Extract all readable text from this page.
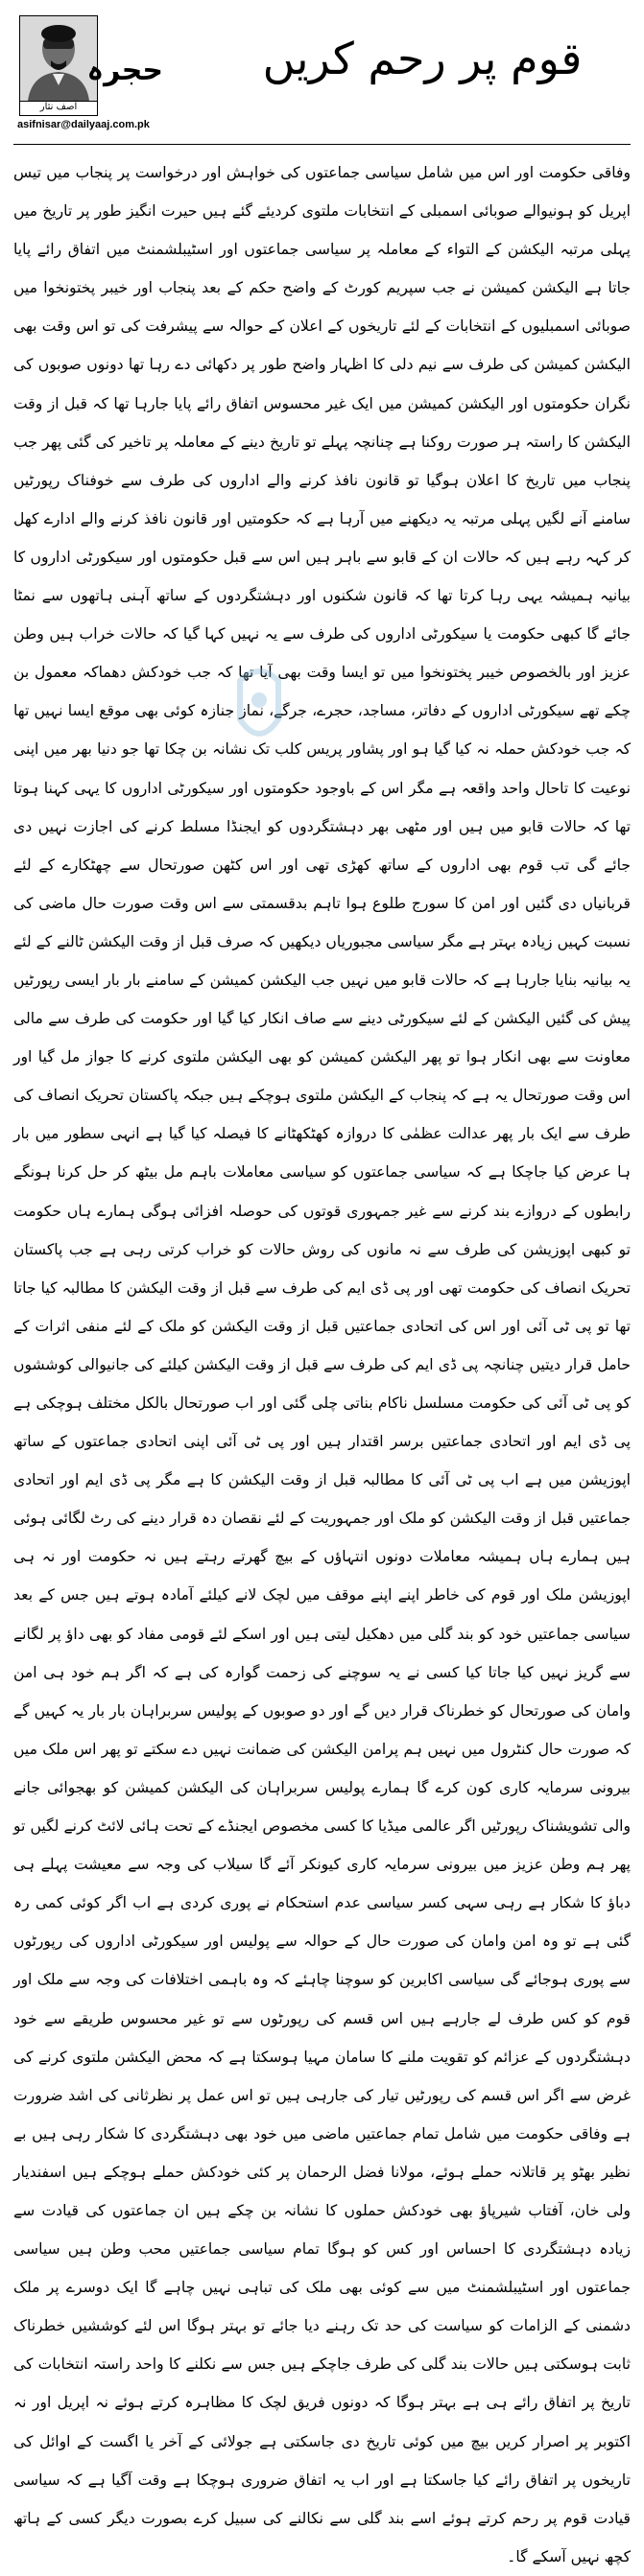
حجرہ
آصف نثار
asifnisar@dailyaaj.com.pk
قوم پر رحم کریں

وفاقی حکومت اور اس میں شامل سیاسی جماعتوں کی خواہش اور درخواست پر پنجاب میں تیس اپریل کو ہونیوالے صوبائی اسمبلی کے انتخابات ملتوی کردیئے گئے ہیں حیرت انگیز طور پر تاریخ میں پہلی مرتبہ الیکشن کے التواء کے معاملہ پر سیاسی جماعتوں اور اسٹیبلشمنٹ میں اتفاق رائے پایا جاتا ہے الیکشن کمیشن نے جب سپریم کورٹ کے واضح حکم کے بعد پنجاب اور خیبر پختونخوا میں صوبائی اسمبلیوں کے انتخابات کے لئے تاریخوں کے اعلان کے حوالہ سے پیشرفت کی تو اس وقت بھی الیکشن کمیشن کی طرف سے نیم دلی کا اظہار واضح طور پر دکھائی دے رہا تھا دونوں صوبوں کی نگران حکومتوں اور الیکشن کمیشن میں ایک غیر محسوس اتفاق رائے پایا جارہا تھا کہ قبل از وقت الیکشن کا راستہ ہر صورت روکنا ہے چنانچہ پہلے تو تاریخ دینے کے معاملہ پر تاخیر کی گئی پھر جب پنجاب میں تاریخ کا اعلان ہوگیا تو قانون نافذ کرنے والے اداروں کی طرف سے خوفناک رپورٹیں سامنے آنے لگیں پہلی مرتبہ یہ دیکھنے میں آرہا ہے کہ حکومتیں اور قانون نافذ کرنے والے ادارے کھل کر کہہ رہے ہیں کہ حالات ان کے قابو سے باہر ہیں اس سے قبل حکومتوں اور سیکورٹی اداروں کا بیانیہ ہمیشہ یہی رہا کرتا تھا کہ قانون شکنوں اور دہشتگردوں کے ساتھ آہنی ہاتھوں سے نمٹا جائے گا کبھی حکومت یا سیکورٹی اداروں کی طرف سے یہ نہیں کہا گیا کہ حالات خراب ہیں وطن عزیز اور بالخصوص خیبر پختونخوا میں تو ایسا وقت بھی آیا تھا کہ جب خودکش دھماکہ معمول بن چکے تھے سیکورٹی اداروں کے دفاتر، مساجد، حجرے، جرگے، نماز جنازہ کوئی بھی موقع ایسا نہیں تھا کہ جب خودکش حملہ نہ کیا گیا ہو اور پشاور پریس کلب تک نشانہ بن چکا تھا جو دنیا بھر میں اپنی نوعیت کا تاحال واحد واقعہ ہے مگر اس کے باوجود حکومتوں اور سیکورٹی اداروں کا یہی کہنا ہوتا تھا کہ حالات قابو میں ہیں اور مٹھی بھر دہشتگردوں کو ایجنڈا مسلط کرنے کی اجازت نہیں دی جائے گی تب قوم بھی اداروں کے ساتھ کھڑی تھی اور اس کٹھن صورتحال سے چھٹکارے کے لئے قربانیاں دی گئیں اور امن کا سورج طلوع ہوا تاہم بدقسمتی سے اس وقت صورت حال ماضی کی نسبت کہیں زیادہ بہتر ہے مگر سیاسی مجبوریاں دیکھیں کہ صرف قبل از وقت الیکشن ٹالنے کے لئے یہ بیانیہ بنایا جارہا ہے کہ حالات قابو میں نہیں جب الیکشن کمیشن کے سامنے بار بار ایسی رپورٹیں پیش کی گئیں الیکشن کے لئے سیکورٹی دینے سے صاف انکار کیا گیا اور حکومت کی طرف سے مالی معاونت سے بھی انکار ہوا تو پھر الیکشن کمیشن کو بھی الیکشن ملتوی کرنے کا جواز مل گیا اور اس وقت صورتحال یہ ہے کہ پنجاب کے الیکشن ملتوی ہوچکے ہیں جبکہ پاکستان تحریک انصاف کی طرف سے ایک بار پھر عدالت عظمٰی کا دروازہ کھٹکھٹانے کا فیصلہ کیا گیا ہے انہی سطور میں بار ہا عرض کیا جاچکا ہے کہ سیاسی جماعتوں کو سیاسی معاملات باہم مل بیٹھ کر حل کرنا ہونگے رابطوں کے دروازے بند کرنے سے غیر جمہوری قوتوں کی حوصلہ افزائی ہوگی ہمارے ہاں حکومت تو کبھی اپوزیشن کی طرف سے نہ مانوں کی روش حالات کو خراب کرتی رہی ہے جب پاکستان تحریک انصاف کی حکومت تھی اور پی ڈی ایم کی طرف سے قبل از وقت الیکشن کا مطالبہ کیا جاتا تھا تو پی ٹی آئی اور اس کی اتحادی جماعتیں قبل از وقت الیکشن کو ملک کے لئے منفی اثرات کے حامل قرار دیتیں چنانچہ پی ڈی ایم کی طرف سے قبل از وقت الیکشن کیلئے کی جانیوالی کوششوں کو پی ٹی آئی کی حکومت مسلسل ناکام بناتی چلی گئی اور اب صورتحال بالکل مختلف ہوچکی ہے پی ڈی ایم اور اتحادی جماعتیں برسر اقتدار ہیں اور پی ٹی آئی اپنی اتحادی جماعتوں کے ساتھ اپوزیشن میں ہے اب پی ٹی آئی کا مطالبہ قبل از وقت الیکشن کا ہے مگر پی ڈی ایم اور اتحادی جماعتیں قبل از وقت الیکشن کو ملک اور جمہوریت کے لئے نقصان دہ قرار دینے کی رٹ لگائی ہوئی ہیں ہمارے ہاں ہمیشہ معاملات دونوں انتہاؤں کے بیچ گھرتے رہتے ہیں نہ حکومت اور نہ ہی اپوزیشن ملک اور قوم کی خاطر اپنے اپنے موقف میں لچک لانے کیلئے آمادہ ہوتے ہیں جس کے بعد سیاسی جماعتیں خود کو بند گلی میں دھکیل لیتی ہیں اور اسکے لئے قومی مفاد کو بھی داؤ پر لگانے سے گریز نہیں کیا جاتا کیا کسی نے یہ سوچنے کی زحمت گوارہ کی ہے کہ اگر ہم خود ہی امن وامان کی صورتحال کو خطرناک قرار دیں گے اور دو صوبوں کے پولیس سربراہان بار بار یہ کہیں گے کہ صورت حال کنٹرول میں نہیں ہم پرامن الیکشن کی ضمانت نہیں دے سکتے تو پھر اس ملک میں بیرونی سرمایہ کاری کون کرے گا ہمارے پولیس سربراہان کی الیکشن کمیشن کو بھجوائی جانے والی تشویشناک رپورٹیں اگر عالمی میڈیا کا کسی مخصوص ایجنڈے کے تحت ہائی لائٹ کرنے لگیں تو پھر ہم وطن عزیز میں بیرونی سرمایہ کاری کیونکر آئے گا سیلاب کی وجہ سے معیشت پہلے ہی دباؤ کا شکار ہے رہی سہی کسر سیاسی عدم استحکام نے پوری کردی ہے اب اگر کوئی کمی رہ گئی ہے تو وہ امن وامان کی صورت حال کے حوالہ سے پولیس اور سیکورٹی اداروں کی رپورٹوں سے پوری ہوجائے گی سیاسی اکابرین کو سوچنا چاہئے کہ وہ باہمی اختلافات کی وجہ سے ملک اور قوم کو کس طرف لے جارہے ہیں اس قسم کی رپورٹوں سے تو غیر محسوس طریقے سے خود دہشتگردوں کے عزائم کو تقویت ملنے کا سامان مہیا ہوسکتا ہے کہ محض الیکشن ملتوی کرنے کی غرض سے اگر اس قسم کی رپورٹیں تیار کی جارہی ہیں تو اس عمل پر نظرثانی کی اشد ضرورت ہے وفاقی حکومت میں شامل تمام جماعتیں ماضی میں خود بھی دہشتگردی کا شکار رہی ہیں بے نظیر بھٹو پر قاتلانہ حملے ہوئے، مولانا فضل الرحمان پر کئی خودکش حملے ہوچکے ہیں اسفندیار ولی خان، آفتاب شیرپاؤ بھی خودکش حملوں کا نشانہ بن چکے ہیں ان جماعتوں کی قیادت سے زیادہ دہشتگردی کا احساس اور کس کو ہوگا تمام سیاسی جماعتیں محب وطن ہیں سیاسی جماعتوں اور اسٹیبلشمنٹ میں سے کوئی بھی ملک کی تباہی نہیں چاہے گا ایک دوسرے پر ملک دشمنی کے الزامات کو سیاست کی حد تک رہنے دیا جائے تو بہتر ہوگا اس لئے کوششیں خطرناک ثابت ہوسکتی ہیں حالات بند گلی کی طرف جاچکے ہیں جس سے نکلنے کا واحد راستہ انتخابات کی تاریخ پر اتفاق رائے ہی ہے بہتر ہوگا کہ دونوں فریق لچک کا مظاہرہ کرتے ہوئے نہ اپریل اور نہ اکتوبر پر اصرار کریں بیچ میں کوئی تاریخ دی جاسکتی ہے جولائی کے آخر یا اگست کے اوائل کی تاریخوں پر اتفاق رائے کیا جاسکتا ہے اور اب یہ اتفاق ضروری ہوچکا ہے وقت آگیا ہے کہ سیاسی قیادت قوم پر رحم کرتے ہوئے اسے بند گلی سے نکالنے کی سبیل کرے بصورت دیگر کسی کے ہاتھ کچھ نہیں آسکے گا۔
